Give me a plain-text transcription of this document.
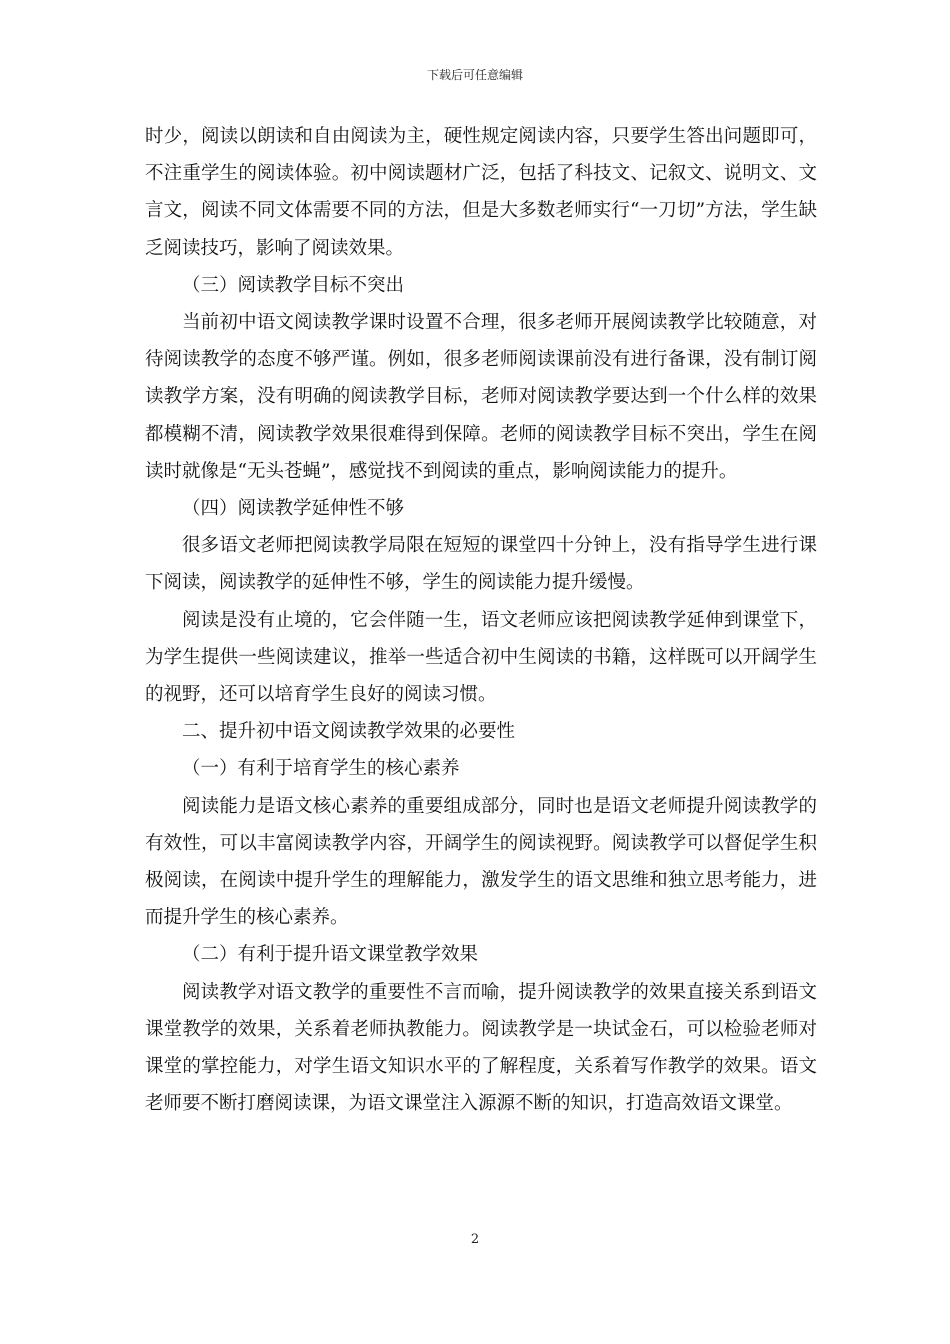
下载后可任意编辑

时少，阅读以朗读和自由阅读为主，硬性规定阅读内容，只要学生答出问题即可，不注重学生的阅读体验。初中阅读题材广泛，包括了科技文、记叙文、说明文、文言文，阅读不同文体需要不同的方法，但是大多数老师实行“一刀切”方法，学生缺乏阅读技巧，影响了阅读效果。

（三）阅读教学目标不突出

当前初中语文阅读教学课时设置不合理，很多老师开展阅读教学比较随意，对待阅读教学的态度不够严谨。例如，很多老师阅读课前没有进行备课，没有制订阅读教学方案，没有明确的阅读教学目标，老师对阅读教学要达到一个什么样的效果都模糊不清，阅读教学效果很难得到保障。老师的阅读教学目标不突出，学生在阅读时就像是“无头苍蝇”，感觉找不到阅读的重点，影响阅读能力的提升。

（四）阅读教学延伸性不够

很多语文老师把阅读教学局限在短短的课堂四十分钟上，没有指导学生进行课下阅读，阅读教学的延伸性不够，学生的阅读能力提升缓慢。

阅读是没有止境的，它会伴随一生，语文老师应该把阅读教学延伸到课堂下，为学生提供一些阅读建议，推举一些适合初中生阅读的书籍，这样既可以开阔学生的视野，还可以培育学生良好的阅读习惯。

二、提升初中语文阅读教学效果的必要性

（一）有利于培育学生的核心素养

阅读能力是语文核心素养的重要组成部分，同时也是语文老师提升阅读教学的有效性，可以丰富阅读教学内容，开阔学生的阅读视野。阅读教学可以督促学生积极阅读，在阅读中提升学生的理解能力，激发学生的语文思维和独立思考能力，进而提升学生的核心素养。

（二）有利于提升语文课堂教学效果

阅读教学对语文教学的重要性不言而喻，提升阅读教学的效果直接关系到语文课堂教学的效果，关系着老师执教能力。阅读教学是一块试金石，可以检验老师对课堂的掌控能力，对学生语文知识水平的了解程度，关系着写作教学的效果。语文老师要不断打磨阅读课，为语文课堂注入源源不断的知识，打造高效语文课堂。

2
